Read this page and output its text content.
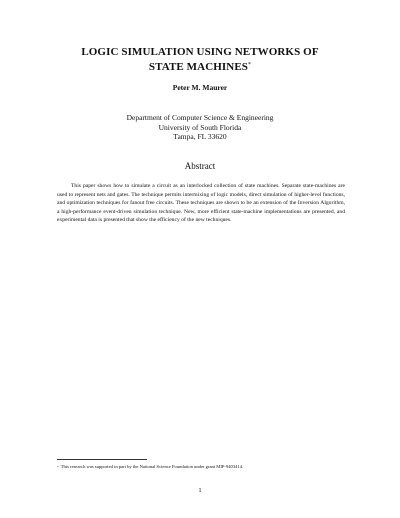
LOGIC SIMULATION USING NETWORKS OF
STATE MACHINES*
Peter M. Maurer
Department of Computer Science & Engineering
University of South Florida
Tampa, FL 33620
Abstract
This paper shows how to simulate a circuit as an interlocked collection of state machines. Separate state-machines are used to represent nets and gates. The technique permits intermixing of logic models, direct simulation of higher-level functions, and optimization techniques for fanout free circuits. These techniques are shown to be an extension of the Inversion Algorithm, a high-performance event-driven simulation technique. New, more efficient state-machine implementations are presented, and experimental data is presented that show the efficiency of the new techniques.
* This research was supported in part by the National Science Foundation under grant MIP-9403414.
1
